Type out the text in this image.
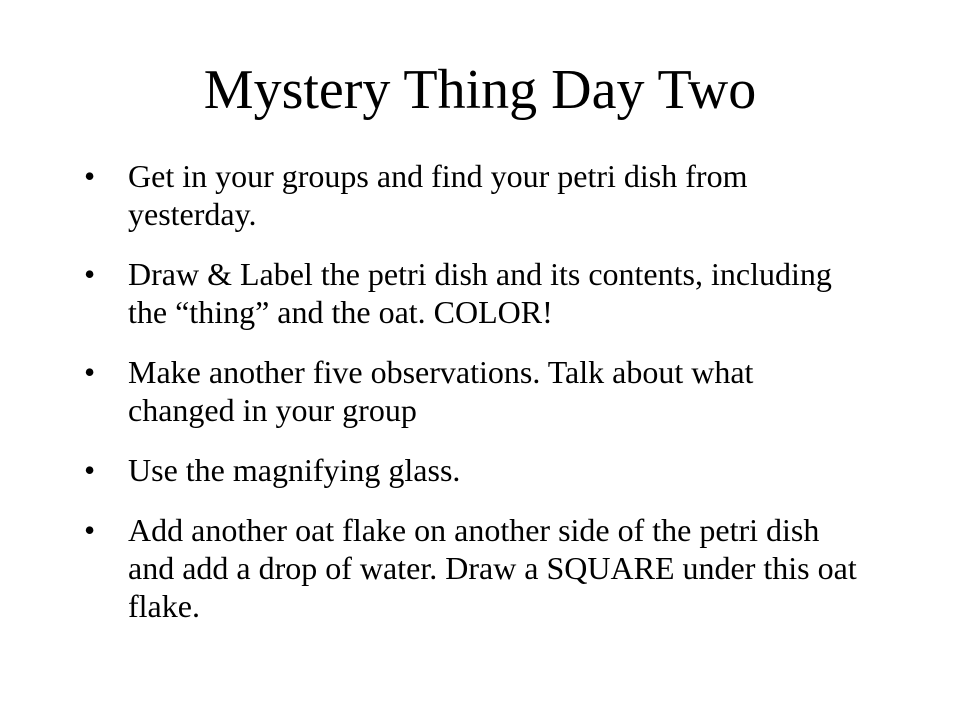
Mystery Thing Day Two
• Get in your groups and find your petri dish from yesterday.
• Draw & Label the petri dish and its contents, including the “thing” and the oat. COLOR!
• Make another five observations. Talk about what changed in your group
• Use the magnifying glass.
• Add another oat flake on another side of the petri dish and add a drop of water. Draw a SQUARE under this oat flake.
